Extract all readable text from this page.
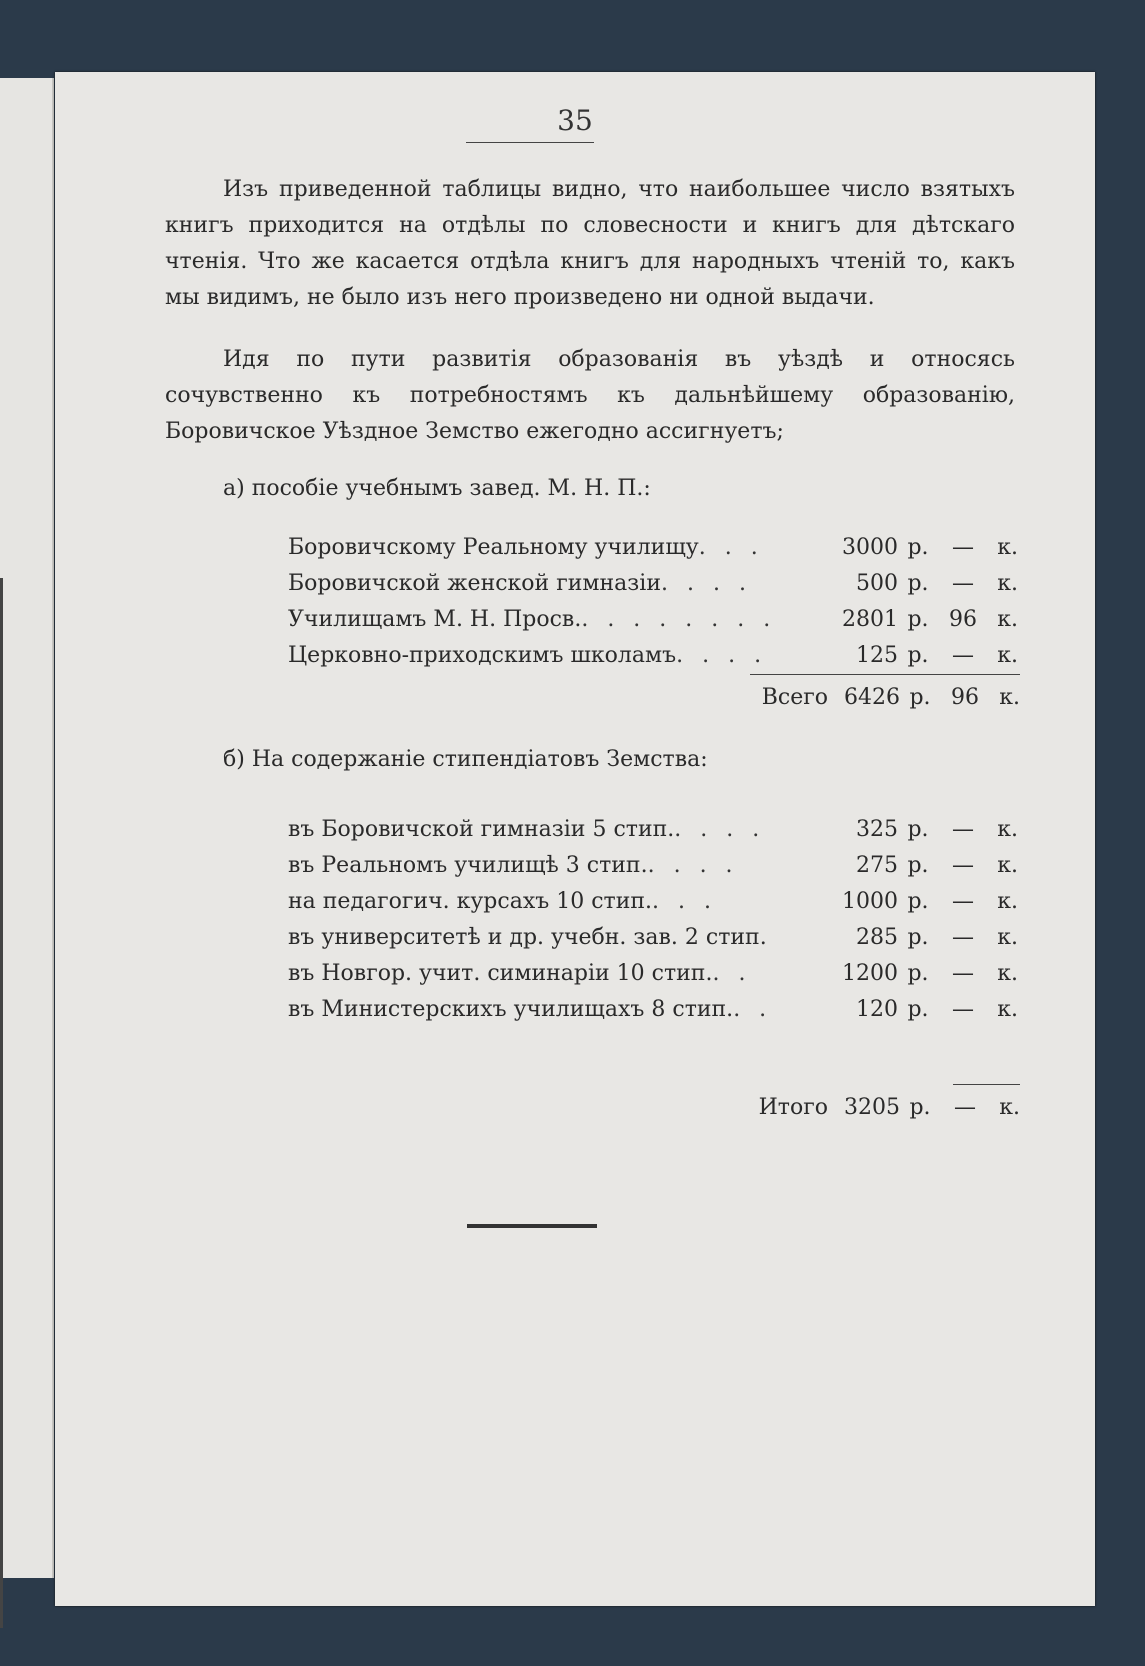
35

Изъ приведенной таблицы видно, что наибольшее число взятыхъ книгъ приходится на отдѣлы по словесности и книгъ для дѣтскаго чтенія. Что же касается отдѣла книгъ для народныхъ чтеній то, какъ мы видимъ, не было изъ него произведено ни одной выдачи.

Идя по пути развитія образованія въ уѣздѣ и относясь сочувственно къ потребностямъ къ дальнѣйшему образованію, Боровичское Уѣздное Земство ежегодно ассигнуетъ;

а) пособіе учебнымъ завед. М. Н. П.:
Боровичскому Реальному училищу . . .	3000 р.	—	к.
Боровичской женской гимназіи . . . .	500 р.	—	к.
Училищамъ М. Н. Просв. . . . . . . . .	2801 р. 96 к.
Церковно-приходскимъ школамъ . . . .	125 р.	—	к.
Всего 6426 р. 96 к.
б) На содержаніе стипендіатовъ Земства:
въ Боровичской гимназіи 5 стип. . . . .	325 р.	—	к.
въ Реальномъ училищѣ 3 стип. . . . .	275 р.	—	к.
на педагогич. курсахъ 10 стип. . . .	1000 р.	—	к.
въ университетѣ и др. учебн. зав. 2 стип.	285 р.	—	к.
въ Новгор. учит. симинаріи 10 стип. . .	1200 р.	—	к.
въ Министерскихъ училищахъ 8 стип. . .	120 р.	—	к.
Итого 3205 р.	—	к.
